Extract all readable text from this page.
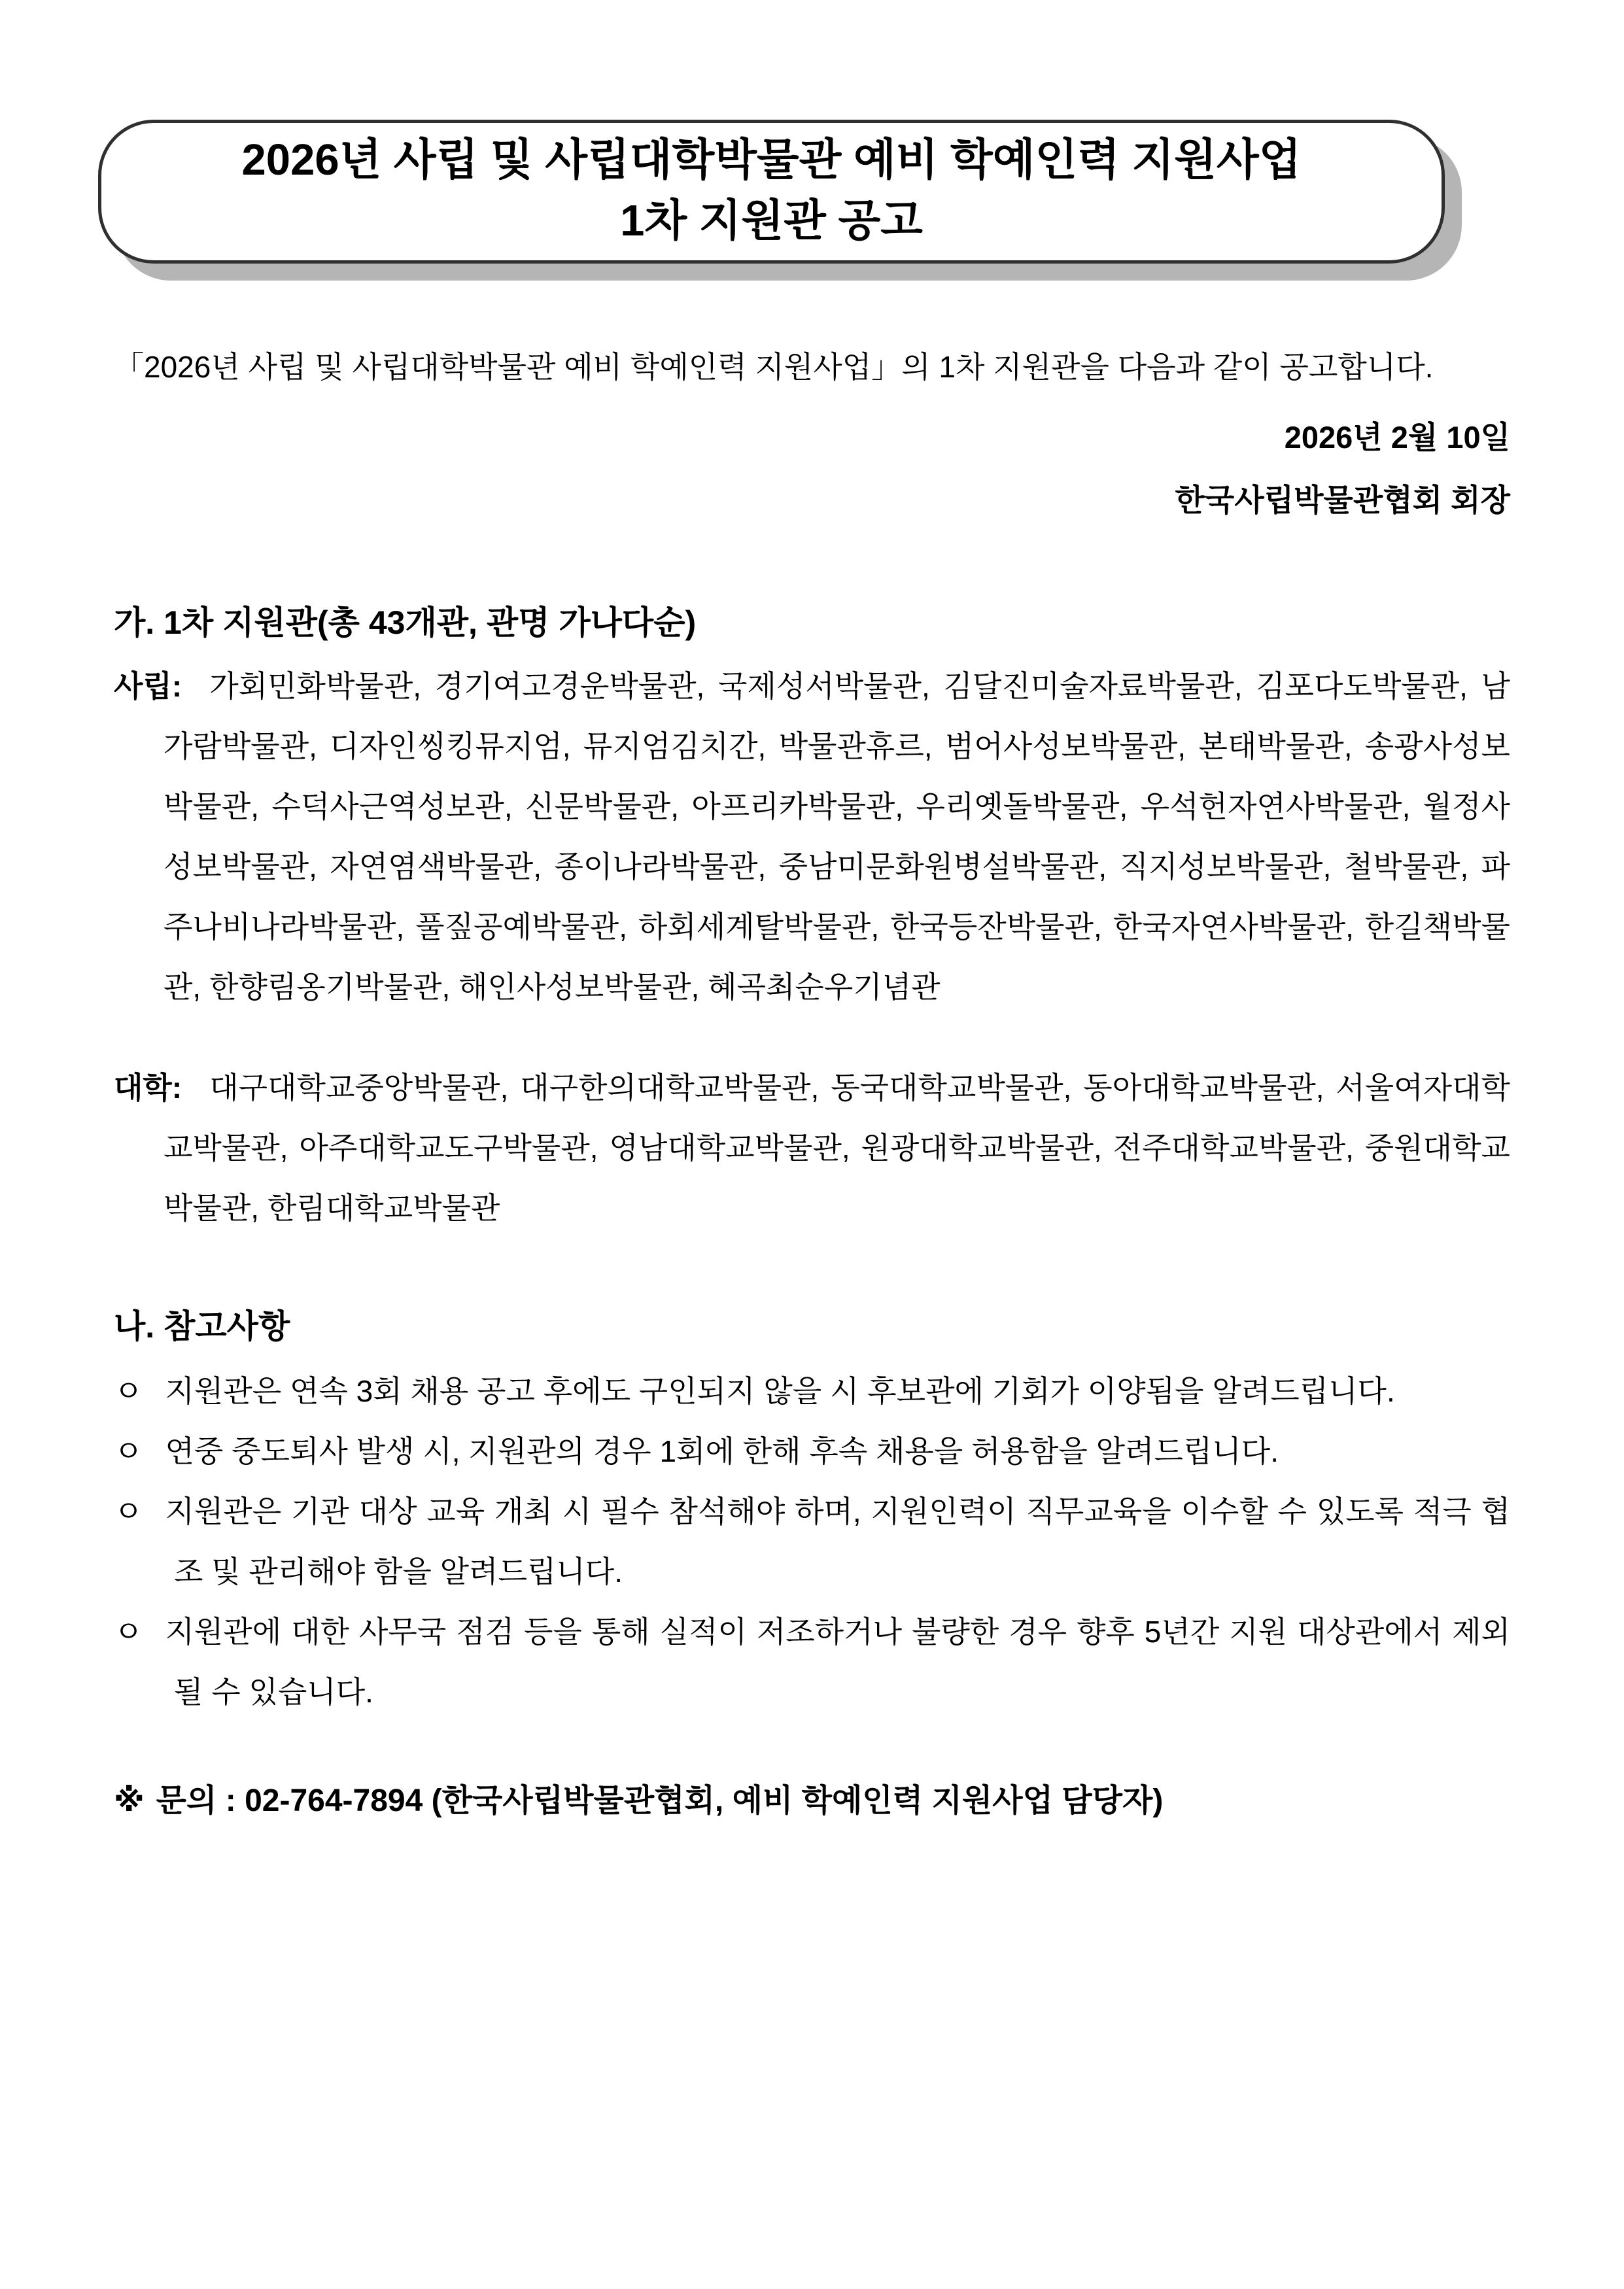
2026년 사립 및 사립대학박물관 예비 학예인력 지원사업
1차 지원관 공고

「2026년 사립 및 사립대학박물관 예비 학예인력 지원사업」의 1차 지원관을 다음과 같이 공고합니다.

2026년 2월 10일
한국사립박물관협회 회장
가. 1차 지원관(총 43개관, 관명 가나다순)
사립: 가회민화박물관, 경기여고경운박물관, 국제성서박물관, 김달진미술자료박물관, 김포다도박물관, 남가람박물관, 디자인씽킹뮤지엄, 뮤지엄김치간, 박물관휴르, 범어사성보박물관, 본태박물관, 송광사성보박물관, 수덕사근역성보관, 신문박물관, 아프리카박물관, 우리옛돌박물관, 우석헌자연사박물관, 월정사성보박물관, 자연염색박물관, 종이나라박물관, 중남미문화원병설박물관, 직지성보박물관, 철박물관, 파주나비나라박물관, 풀짚공예박물관, 하회세계탈박물관, 한국등잔박물관, 한국자연사박물관, 한길책박물관, 한향림옹기박물관, 해인사성보박물관, 혜곡최순우기념관
대학: 대구대학교중앙박물관, 대구한의대학교박물관, 동국대학교박물관, 동아대학교박물관, 서울여자대학교박물관, 아주대학교도구박물관, 영남대학교박물관, 원광대학교박물관, 전주대학교박물관, 중원대학교박물관, 한림대학교박물관
나. 참고사항
ㅇ 지원관은 연속 3회 채용 공고 후에도 구인되지 않을 시 후보관에 기회가 이양됨을 알려드립니다.
ㅇ 연중 중도퇴사 발생 시, 지원관의 경우 1회에 한해 후속 채용을 허용함을 알려드립니다.
ㅇ 지원관은 기관 대상 교육 개최 시 필수 참석해야 하며, 지원인력이 직무교육을 이수할 수 있도록 적극 협조 및 관리해야 함을 알려드립니다.
ㅇ 지원관에 대한 사무국 점검 등을 통해 실적이 저조하거나 불량한 경우 향후 5년간 지원 대상관에서 제외될 수 있습니다.

※ 문의 : 02-764-7894 (한국사립박물관협회, 예비 학예인력 지원사업 담당자)
